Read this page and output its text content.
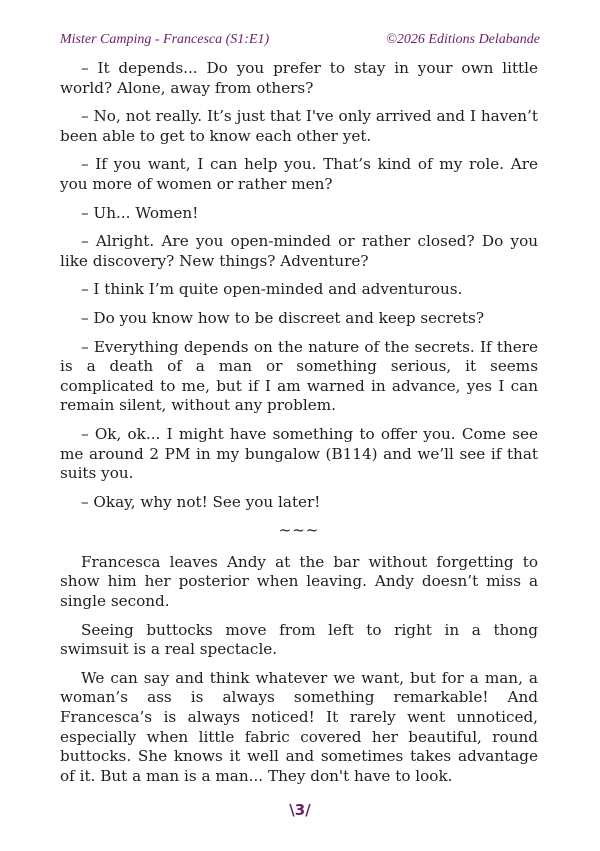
Mister Camping - Francesca (S1:E1)	©2026 Editions Delabande

– It depends... Do you prefer to stay in your own little world? Alone, away from others?

– No, not really. It’s just that I've only arrived and I haven’t been able to get to know each other yet.

– If you want, I can help you. That’s kind of my role. Are you more of women or rather men?

– Uh... Women!

– Alright. Are you open-minded or rather closed? Do you like discovery? New things? Adventure?

– I think I’m quite open-minded and adventurous.

– Do you know how to be discreet and keep secrets?

– Everything depends on the nature of the secrets. If there is a death of a man or something serious, it seems complicated to me, but if I am warned in advance, yes I can remain silent, without any problem.

– Ok, ok... I might have something to offer you. Come see me around 2 PM in my bungalow (B114) and we’ll see if that suits you.

– Okay, why not! See you later!

~~~

Francesca leaves Andy at the bar without forgetting to show him her posterior when leaving. Andy doesn’t miss a single second.

Seeing buttocks move from left to right in a thong swimsuit is a real spectacle.

We can say and think whatever we want, but for a man, a woman’s ass is always something remarkable! And Francesca’s is always noticed! It rarely went unnoticed, especially when little fabric covered her beautiful, round buttocks. She knows it well and sometimes takes advantage of it. But a man is a man... They don't have to look.

\3/
